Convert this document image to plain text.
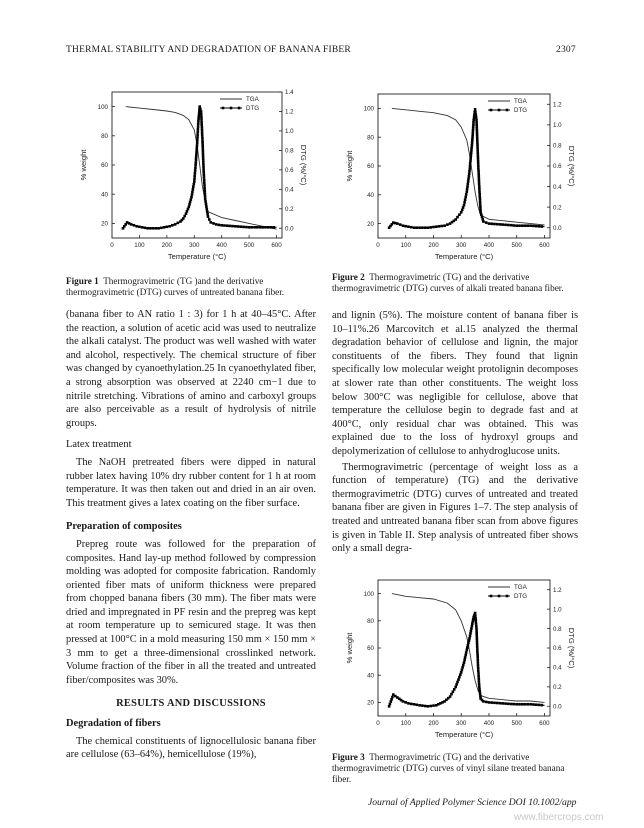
THERMAL STABILITY AND DEGRADATION OF BANANA FIBER	2307
0	100	200	300	400	500	600
20
40
60
80
100
0.0
0.2
0.4
0.6
0.8
1.0
1.2
1.4
Temperature (°C)
% weight	DTG (%/°C)
TGA
DTG
Figure 1 Thermogravimetric (TG )and the derivative thermogravimetric (DTG) curves of untreated banana fiber.
0	100	200	300	400	500	600
20
40
60
80
100
0.0
0.2
0.4
0.6
0.8
1.0
1.2
Temperature (°C)
% weight	DTG (%/°C)
TGA
DTG
Figure 2 Thermogravimetric (TG) and the derivative thermogravimetric (DTG) curves of alkali treated banana fiber.
0	100	200	300	400	500	600
20
40
60
80
100
0.0
0.2
0.4
0.6
0.8
1.0
1.2
Temperature (°C)
% weight	DTG (%/°C)
TGA
DTG
Figure 3 Thermogravimetric (TG) and the derivative thermogravimetric (DTG) curves of vinyl silane treated banana fiber.

(banana fiber to AN ratio 1 : 3) for 1 h at 40–45°C. After the reaction, a solution of acetic acid was used to neutralize the alkali catalyst. The product was well washed with water and alcohol, respectively. The chemical structure of fiber was changed by cyanoethylation.25 In cyanoethylated fiber, a strong absorption was observed at 2240 cm−1 due to nitrile stretching. Vibrations of amino and carboxyl groups are also perceivable as a result of hydrolysis of nitrile groups.

Latex treatment

The NaOH pretreated fibers were dipped in natural rubber latex having 10% dry rubber content for 1 h at room temperature. It was then taken out and dried in an air oven. This treatment gives a latex coating on the fiber surface.

Preparation of composites

Prepreg route was followed for the preparation of composites. Hand lay-up method followed by compression molding was adopted for composite fabrication. Randomly oriented fiber mats of uniform thickness were prepared from chopped banana fibers (30 mm). The fiber mats were dried and impregnated in PF resin and the prepreg was kept at room temperature up to semicured stage. It was then pressed at 100°C in a mold measuring 150 mm × 150 mm × 3 mm to get a three-dimensional crosslinked network. Volume fraction of the fiber in all the treated and untreated fiber/composites was 30%.

RESULTS AND DISCUSSIONS
Degradation of fibers

The chemical constituents of lignocellulosic banana fiber are cellulose (63–64%), hemicellulose (19%),

and lignin (5%). The moisture content of banana fiber is 10–11%.26 Marcovitch et al.15 analyzed the thermal degradation behavior of cellulose and lignin, the major constituents of the fibers. They found that lignin specifically low molecular weight protolignin decomposes at slower rate than other constituents. The weight loss below 300°C was negligible for cellulose, above that temperature the cellulose begin to degrade fast and at 400°C, only residual char was obtained. This was explained due to the loss of hydroxyl groups and depolymerization of cellulose to anhydroglucose units.

Thermogravimetric (percentage of weight loss as a function of temperature) (TG) and the derivative thermogravimetric (DTG) curves of untreated and treated banana fiber are given in Figures 1–7. The step analysis of treated and untreated banana fiber scan from above figures is given in Table II. Step analysis of untreated fiber shows only a small degra-

Journal of Applied Polymer Science DOI 10.1002/app
www.fibercrops.com
